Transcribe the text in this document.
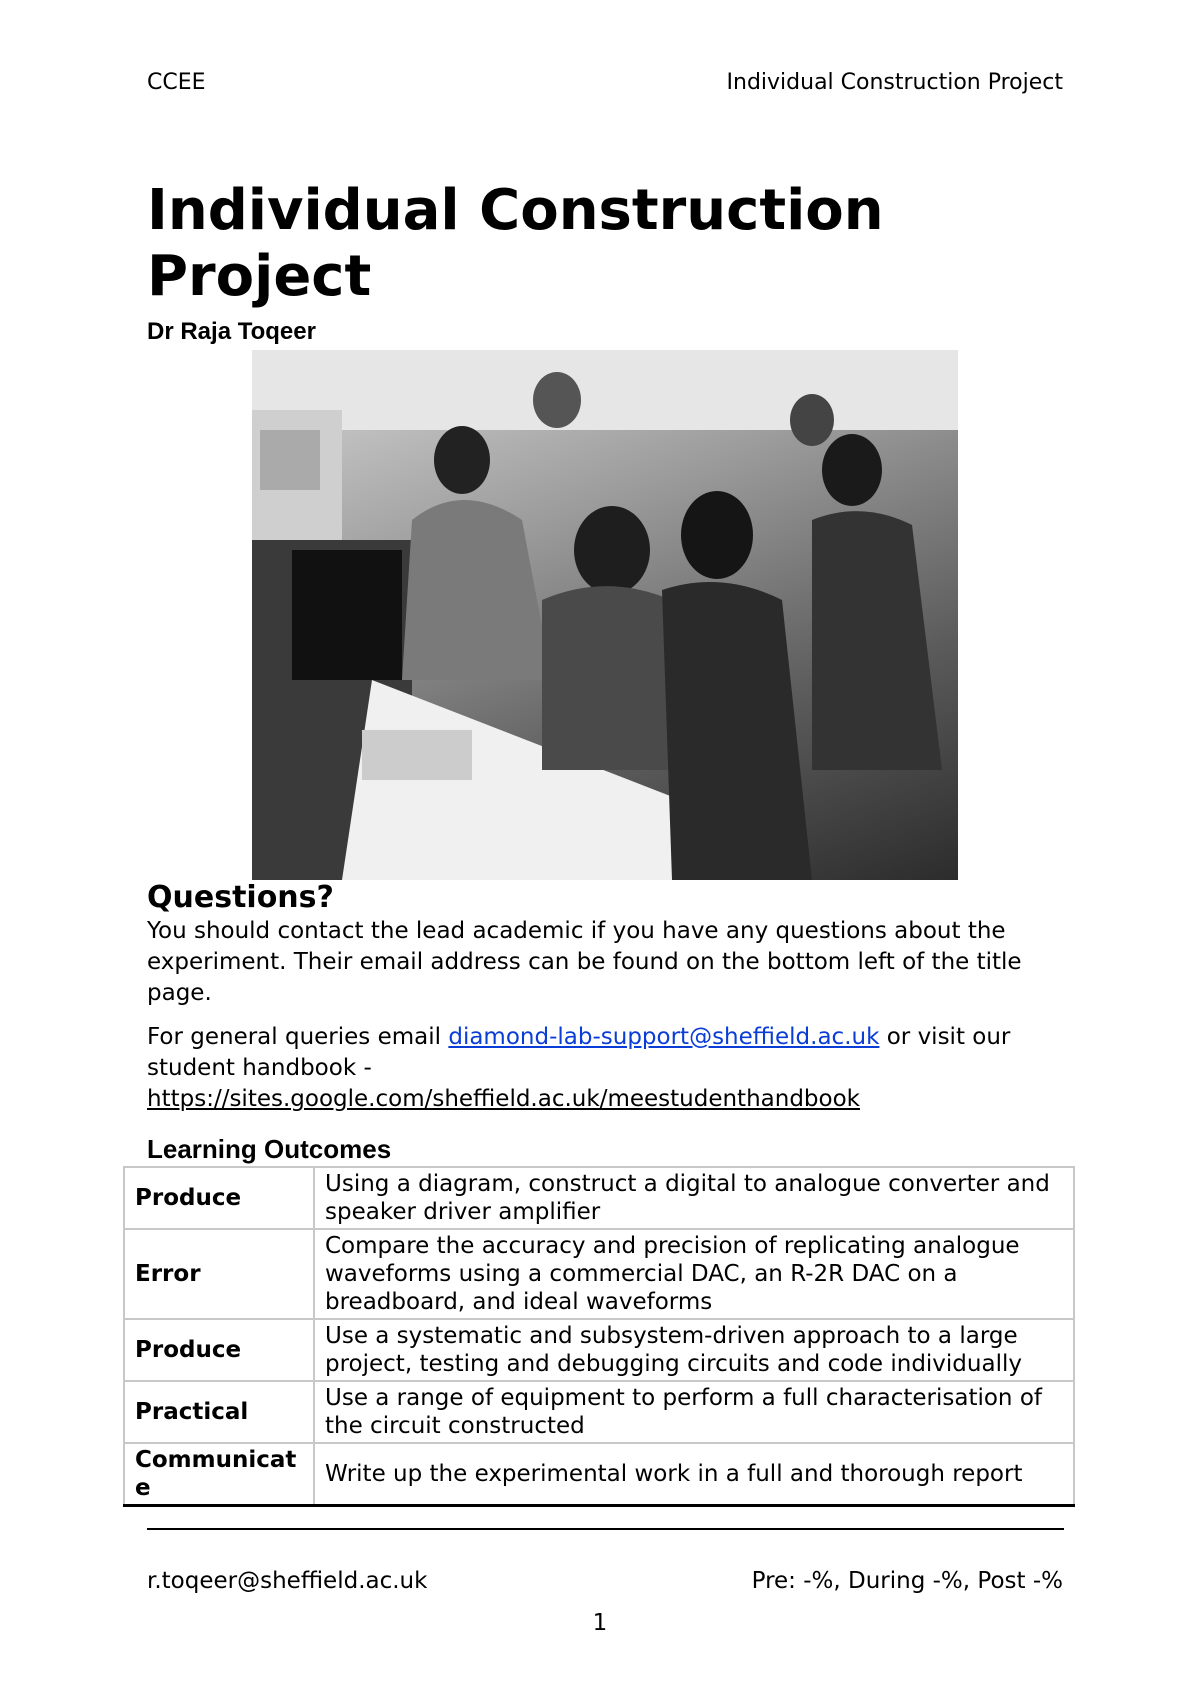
CCEE	Individual Construction Project
Individual Construction Project
Dr Raja Toqeer
Questions?
You should contact the lead academic if you have any questions about the experiment. Their email address can be found on the bottom left of the title page.
For general queries email diamond-lab-support@sheffield.ac.uk or visit our student handbook - https://sites.google.com/sheffield.ac.uk/meestudenthandbook
Learning Outcomes
Produce	Using a diagram, construct a digital to analogue converter and speaker driver amplifier
Error	Compare the accuracy and precision of replicating analogue waveforms using a commercial DAC, an R-2R DAC on a breadboard, and ideal waveforms
Produce	Use a systematic and subsystem-driven approach to a large project, testing and debugging circuits and code individually
Practical	Use a range of equipment to perform a full characterisation of the circuit constructed
Communicate	Write up the experimental work in a full and thorough report
r.toqeer@sheffield.ac.uk	Pre: -%, During -%, Post -%
1
